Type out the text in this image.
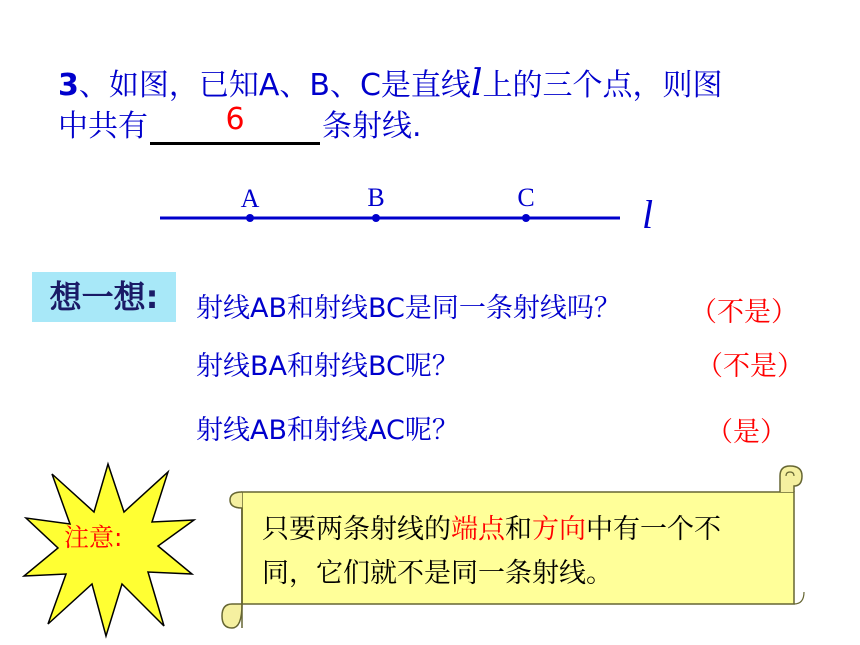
3、如图，已知A、B、C是直线l上的三个点，则图
中共有	6	条射线.
A	B	C	l
想一想:	射线AB和射线BC是同一条射线吗？
射线BA和射线BC呢？
射线AB和射线AC呢？
（不是）
（不是）
（是）
注意:	只要两条射线的端点和方向中有一个不同，它们就不是同一条射线。
